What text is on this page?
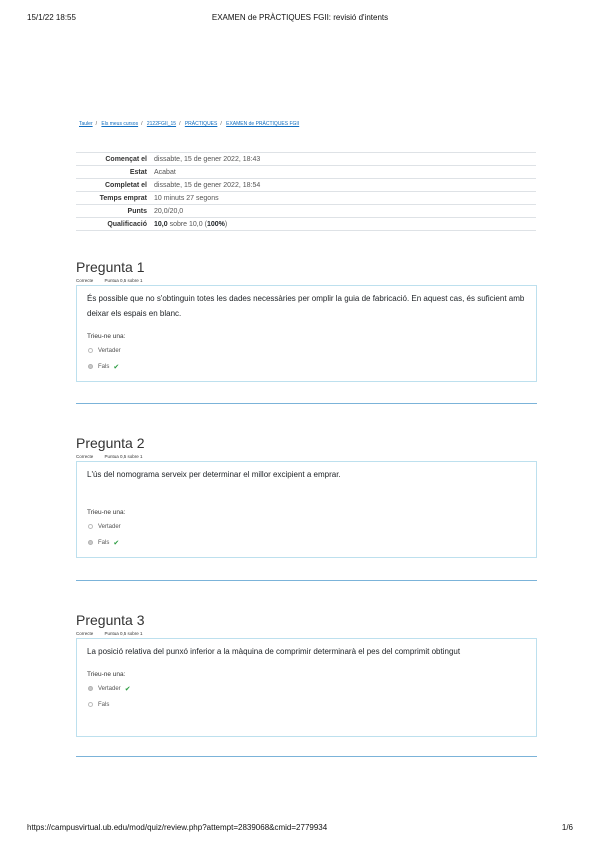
15/1/22 18:55	EXAMEN de PRÀCTIQUES FGII: revisió d'intents
Tauler / Els meus cursos / 2122FGII_15 / PRÀCTIQUES / EXAMEN de PRÀCTIQUES FGII
Començat el	dissabte, 15 de gener 2022, 18:43
Estat	Acabat
Completat el	dissabte, 15 de gener 2022, 18:54
Temps emprat	10 minuts 27 segons
Punts	20,0/20,0
Qualificació	10,0 sobre 10,0 (100%)
Pregunta 1
Correcte	Puntua 0,5 sobre 1

És possible que no s'obtinguin totes les dades necessàries per omplir la guia de fabricació. En aquest cas, és suficient amb deixar els espais en blanc.

Trieu-ne una:
Vertader
Fals ✔
Pregunta 2
Correcte	Puntua 0,5 sobre 1

L'ús del nomograma serveix per determinar el millor excipient a emprar.

Trieu-ne una:
Vertader
Fals ✔
Pregunta 3
Correcte	Puntua 0,5 sobre 1

La posició relativa del punxó inferior a la màquina de comprimir determinarà el pes del comprimit obtingut

Trieu-ne una:
Vertader ✔
Fals
https://campusvirtual.ub.edu/mod/quiz/review.php?attempt=2839068&cmid=2779934	1/6
